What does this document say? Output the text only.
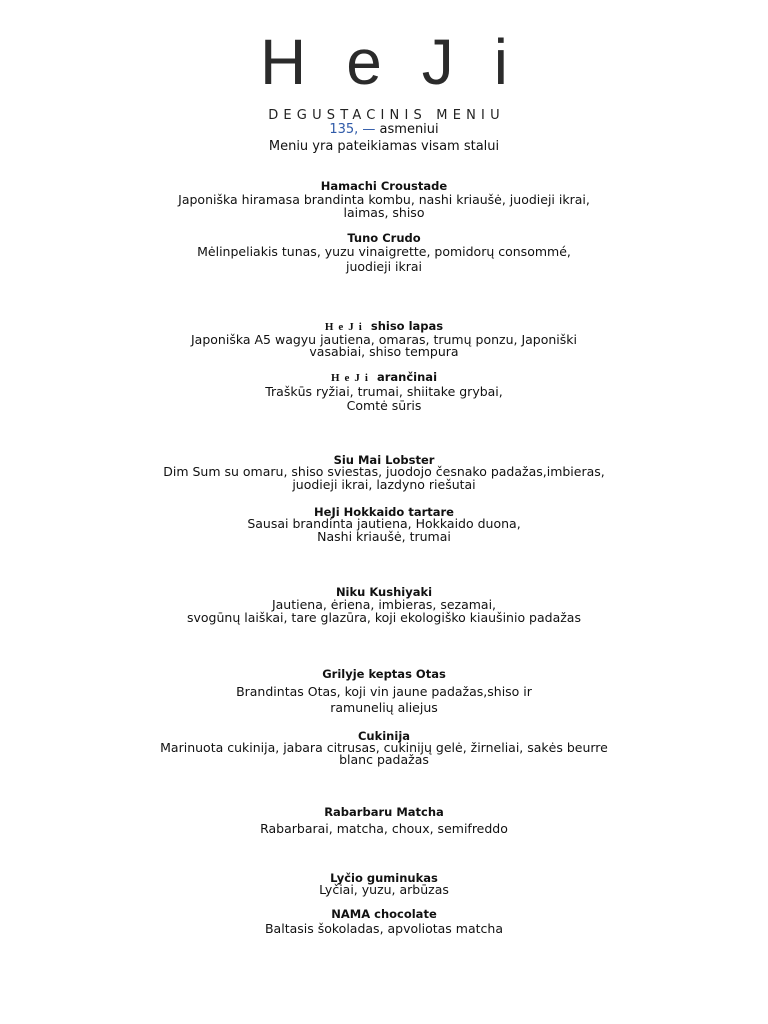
HeJi
DEGUSTACINIS MENIU
135, — asmeniui
Meniu yra pateikiamas visam stalui
Hamachi Croustade
Japoniška hiramasa brandinta kombu, nashi kriaušė, juodieji ikrai,
laimas, shiso
Tuno Crudo
Mėlinpeliakis tunas, yuzu vinaigrette, pomidorų consommé,
juodieji ikrai
HeJi shiso lapas
Japoniška A5 wagyu jautiena, omaras, trumų ponzu, Japoniški
vasabiai, shiso tempura
HeJi arančinai
Traškūs ryžiai, trumai, shiitake grybai,
Comtė sūris
Siu Mai Lobster
Dim Sum su omaru, shiso sviestas, juodojo česnako padažas,imbieras,
juodieji ikrai, lazdyno riešutai
HeJi Hokkaido tartare
Sausai brandinta jautiena, Hokkaido duona,
Nashi kriaušė, trumai
Niku Kushiyaki
Jautiena, ėriena, imbieras, sezamai,
svogūnų laiškai, tare glazūra, koji ekologiško kiaušinio padažas
Grilyje keptas Otas
Brandintas Otas, koji vin jaune padažas,shiso ir
ramunelių aliejus
Cukinija
Marinuota cukinija, jabara citrusas, cukinijų gelė, žirneliai, sakės beurre
blanc padažas
Rabarbaru Matcha
Rabarbarai, matcha, choux, semifreddo
Lyčio guminukas
Lyčiai, yuzu, arbūzas
NAMA chocolate
Baltasis šokoladas, apvoliotas matcha
